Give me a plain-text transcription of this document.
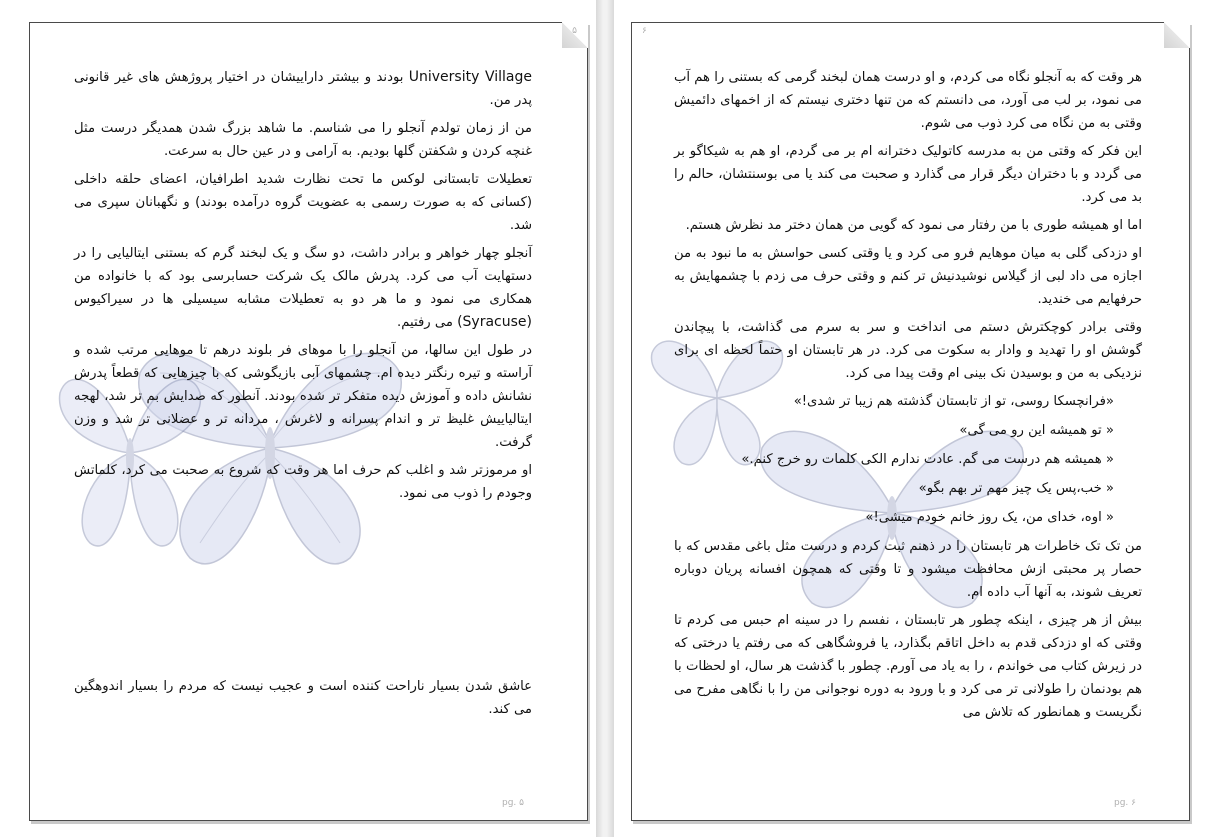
۵

University Village بودند و بیشتر داراییشان در اختیار پروژهش های غیر قانونی پدر من.

من از زمان تولدم آنجلو را می شناسم. ما شاهد بزرگ شدن همدیگر درست مثل غنچه کردن و شکفتن گلها بودیم. به آرامی و در عین حال به سرعت.

تعطیلات تابستانی لوکس ما تحت نظارت شدید اطرافیان، اعضای حلقه داخلی (کسانی که به صورت رسمی به عضویت گروه درآمده بودند) و نگهبانان سپری می شد.

آنجلو چهار خواهر و برادر داشت، دو سگ و یک لبخند گرم که بستنی ایتالیایی را در دستهایت آب می کرد. پدرش مالک یک شرکت حسابرسی بود که با خانواده من همکاری می نمود و ما هر دو به تعطیلات مشابه سیسیلی ها در سیراکیوس (Syracuse) می رفتیم.

در طول این سالها، من آنجلو را با موهای فر بلوند درهم تا موهایی مرتب شده و آراسته و تیره رنگتر دیده ام. چشمهای آبی بازیگوشی که با چیزهایی که قطعاً پدرش نشانش داده و آموزش دیده متفکر تر شده بودند. آنطور که صدایش بم تر شد، لهجه ایتالیاییش غلیظ تر و اندام پسرانه و لاغرش ، مردانه تر و عضلانی تر شد و وزن گرفت.

او مرموزتر شد و اغلب کم حرف اما هر وقت که شروع به صحبت می کرد، کلماتش وجودم را ذوب می نمود.

عاشق شدن بسیار ناراحت کننده است و عجیب نیست که مردم را بسیار اندوهگین می کند.

pg. ۵
۶

هر وقت که به آنجلو نگاه می کردم، و او درست همان لبخند گرمی که بستنی را هم آب می نمود، بر لب می آورد، می دانستم که من تنها دختری نیستم که از اخمهای دائمیش وقتی به من نگاه می کرد ذوب می شوم.

این فکر که وقتی من به مدرسه کاتولیک دخترانه ام بر می گردم، او هم به شیکاگو بر می گردد و با دختران دیگر قرار می گذارد و صحبت می کند یا می بوسنتشان، حالم را بد می کرد.

اما او همیشه طوری با من رفتار می نمود که گویی من همان دختر مد نظرش هستم.

او دزدکی گلی به میان موهایم فرو می کرد و یا وقتی کسی حواسش به ما نبود به من اجازه می داد لبی از گیلاس نوشیدنیش تر کنم و وقتی حرف می زدم با چشمهایش به حرفهایم می خندید.

وقتی برادر کوچکترش دستم می انداخت و سر به سرم می گذاشت، با پیچاندن گوشش او را تهدید و وادار به سکوت می کرد. در هر تابستان او حتماً لحظه ای برای نزدیکی به من و بوسیدن نک بینی ام وقت پیدا می کرد.

«فرانچسکا روسی، تو از تابستان گذشته هم زیبا تر شدی!»

« تو همیشه این رو می گی»

« همیشه هم درست می گم. عادت ندارم الکی کلمات رو خرج کنم.»

« خب،پس یک چیز مهم تر بهم بگو»

« اوه، خدای من، یک روز خانم خودم میشی!»

من تک تک خاطرات هر تابستان را در ذهنم ثبت کردم و درست مثل باغی مقدس که با حصار پر محبتی ازش محافظت میشود و تا وقتی که همچون افسانه پریان دوباره تعریف شوند، به آنها آب داده ام.

بیش از هر چیزی ، اینکه چطور هر تابستان ، نفسم را در سینه ام حبس می کردم تا وقتی که او دزدکی قدم به داخل اتاقم بگذارد، یا فروشگاهی که می رفتم یا درختی که در زیرش کتاب می خواندم ، را به یاد می آورم. چطور با گذشت هر سال، او لحظات با هم بودنمان را طولانی تر می کرد و با ورود به دوره نوجوانی من را با نگاهی مفرح می نگریست و همانطور که تلاش می

pg. ۶
